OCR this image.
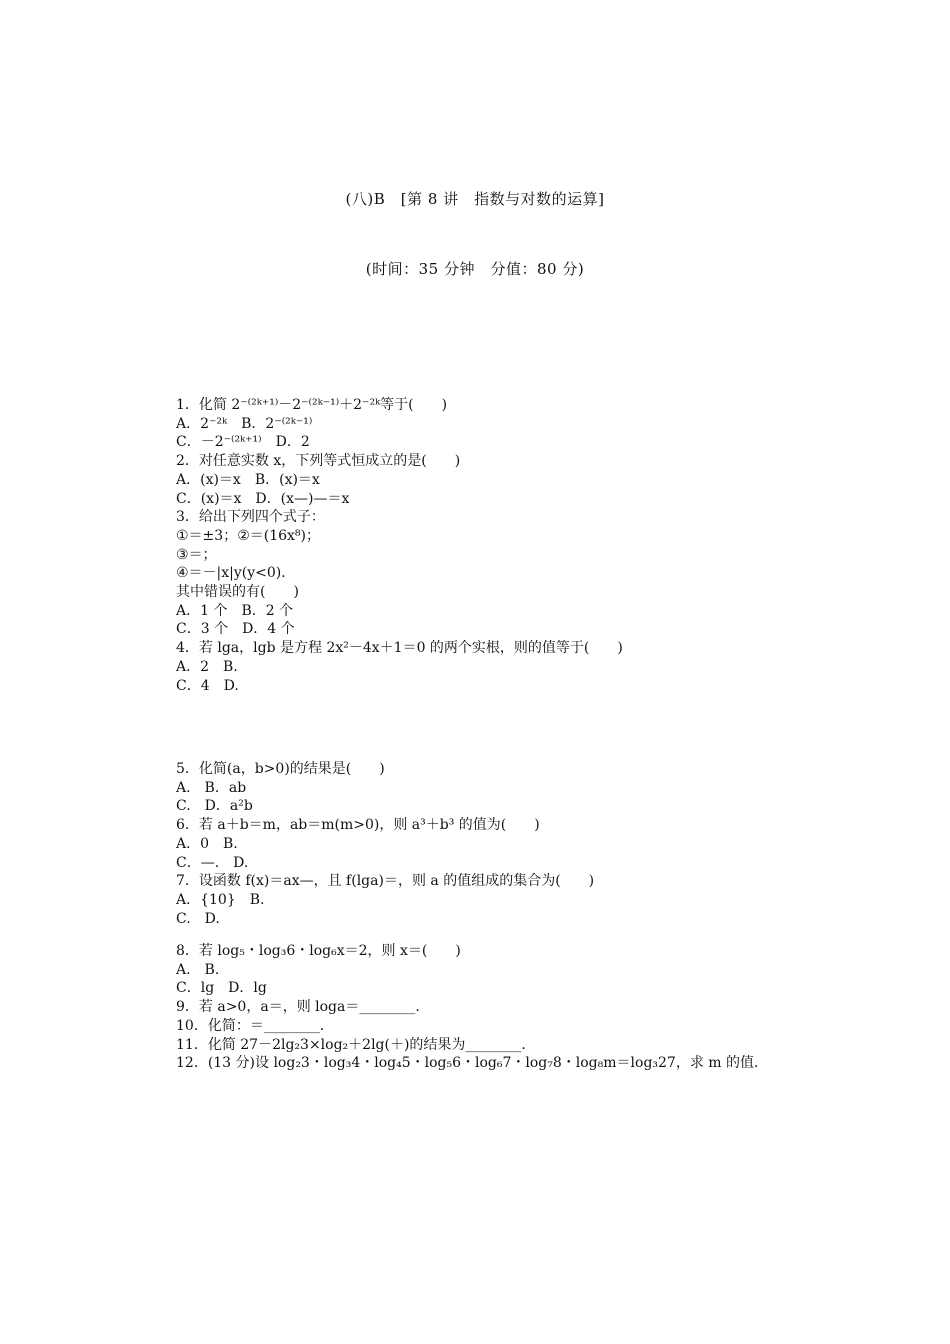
(八)B　[第 8 讲　指数与对数的运算]
(时间：35 分钟　分值：80 分)
1．化简 2⁻⁽²ᵏ⁺¹⁾－2⁻⁽²ᵏ⁻¹⁾＋2⁻²ᵏ等于(　　)
A．2⁻²ᵏ　B．2⁻⁽²ᵏ⁻¹⁾
C．－2⁻⁽²ᵏ⁺¹⁾　D．2
2．对任意实数 x，下列等式恒成立的是(　　)
A．(x)＝x　B．(x)＝x
C．(x)＝x　D．(x—)—＝x
3．给出下列四个式子：
①＝±3；②＝(16x⁸)；
③＝；
④＝－|x|y(y<0)．
其中错误的有(　　)
A．1 个　B．2 个
C．3 个　D．4 个
4．若 lga，lgb 是方程 2x²－4x＋1＝0 的两个实根，则的值等于(　　)
A．2　B.
C．4　D.
5．化简(a，b>0)的结果是(　　)
A.　B．ab
C.　D．a²b
6．若 a＋b＝m，ab＝m(m>0)，则 a³＋b³ 的值为(　　)
A．0　B.
C．—.　D.
7．设函数 f(x)＝ax—，且 f(lga)＝，则 a 的值组成的集合为(　　)
A．{10}　B.
C.　D.
8．若 log₅・log₃6・log₆x＝2，则 x＝(　　)
A.　B.
C．lg　D．lg
9．若 a>0，a＝，则 loga＝________．
10．化简：＝________．
11．化简 27－2lg₂3×log₂＋2lg(＋)的结果为________．
12．(13 分)设 log₂3・log₃4・log₄5・log₅6・log₆7・log₇8・log₈m＝log₃27，求 m 的值．
